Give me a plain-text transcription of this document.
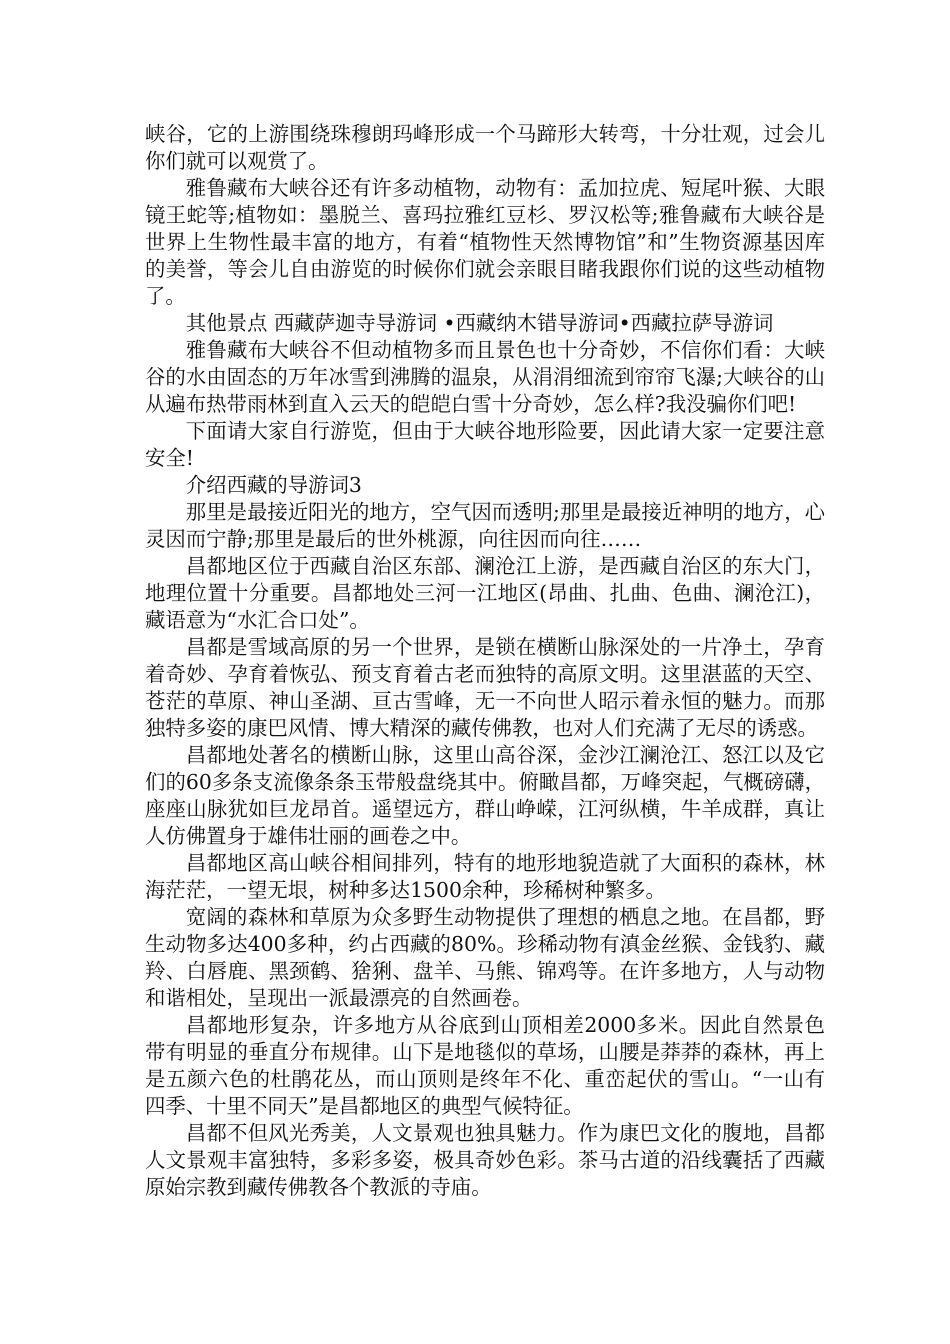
峡谷，它的上游围绕珠穆朗玛峰形成一个马蹄形大转弯，十分壮观，过会儿你们就可以观赏了。

雅鲁藏布大峡谷还有许多动植物，动物有：孟加拉虎、短尾叶猴、大眼镜王蛇等;植物如：墨脱兰、喜玛拉雅红豆杉、罗汉松等;雅鲁藏布大峡谷是世界上生物性最丰富的地方，有着“植物性天然博物馆”和”生物资源基因库的美誉，等会儿自由游览的时候你们就会亲眼目睹我跟你们说的这些动植物了。

其他景点 西藏萨迦寺导游词 •西藏纳木错导游词•西藏拉萨导游词

雅鲁藏布大峡谷不但动植物多而且景色也十分奇妙，不信你们看：大峡谷的水由固态的万年冰雪到沸腾的温泉，从涓涓细流到帘帘飞瀑;大峡谷的山从遍布热带雨林到直入云天的皑皑白雪十分奇妙，怎么样?我没骗你们吧!

下面请大家自行游览，但由于大峡谷地形险要，因此请大家一定要注意安全!

介绍西藏的导游词3

那里是最接近阳光的地方，空气因而透明;那里是最接近神明的地方，心灵因而宁静;那里是最后的世外桃源，向往因而向往……

昌都地区位于西藏自治区东部、澜沧江上游，是西藏自治区的东大门，地理位置十分重要。昌都地处三河一江地区(昂曲、扎曲、色曲、澜沧江)，藏语意为“水汇合口处”。

昌都是雪域高原的另一个世界，是锁在横断山脉深处的一片净土，孕育着奇妙、孕育着恢弘、预支育着古老而独特的高原文明。这里湛蓝的天空、苍茫的草原、神山圣湖、亘古雪峰，无一不向世人昭示着永恒的魅力。而那独特多姿的康巴风情、博大精深的藏传佛教，也对人们充满了无尽的诱惑。

昌都地处著名的横断山脉，这里山高谷深，金沙江澜沧江、怒江以及它们的60多条支流像条条玉带般盘绕其中。俯瞰昌都，万峰突起，气概磅礴，座座山脉犹如巨龙昂首。遥望远方，群山峥嵘，江河纵横，牛羊成群，真让人仿佛置身于雄伟壮丽的画卷之中。

昌都地区高山峡谷相间排列，特有的地形地貌造就了大面积的森林，林海茫茫，一望无垠，树种多达1500余种，珍稀树种繁多。

宽阔的森林和草原为众多野生动物提供了理想的栖息之地。在昌都，野生动物多达400多种，约占西藏的80%。珍稀动物有滇金丝猴、金钱豹、藏羚、白唇鹿、黑颈鹤、猞猁、盘羊、马熊、锦鸡等。在许多地方，人与动物和谐相处，呈现出一派最漂亮的自然画卷。

昌都地形复杂，许多地方从谷底到山顶相差2000多米。因此自然景色带有明显的垂直分布规律。山下是地毯似的草场，山腰是莽莽的森林，再上是五颜六色的杜鹃花丛，而山顶则是终年不化、重峦起伏的雪山。“一山有四季、十里不同天”是昌都地区的典型气候特征。

昌都不但风光秀美，人文景观也独具魅力。作为康巴文化的腹地，昌都人文景观丰富独特，多彩多姿，极具奇妙色彩。茶马古道的沿线囊括了西藏原始宗教到藏传佛教各个教派的寺庙。
